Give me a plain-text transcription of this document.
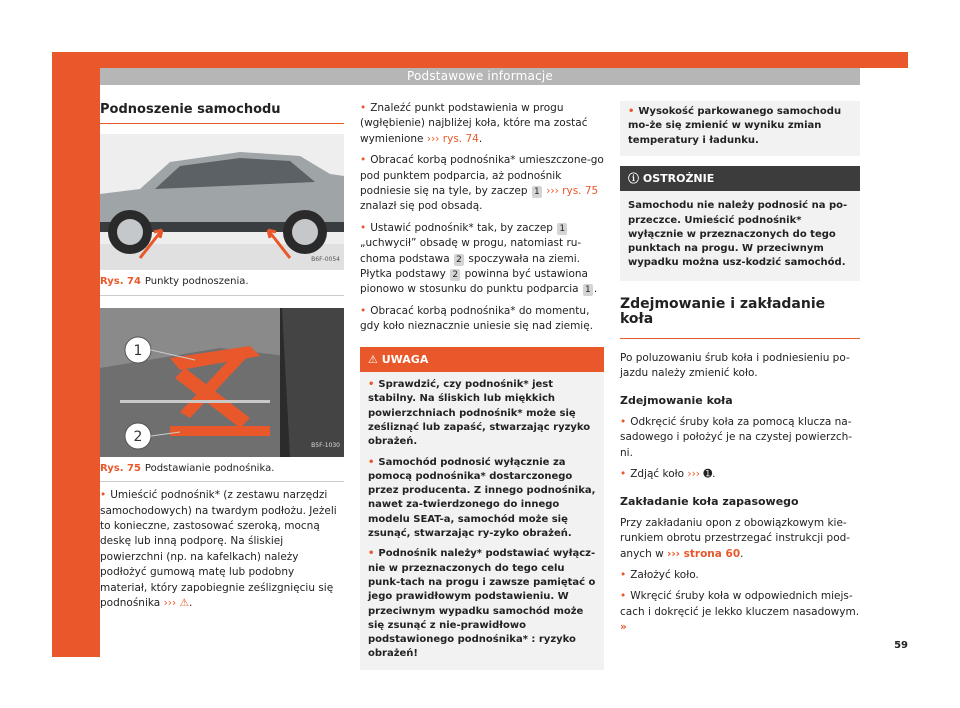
Podstawowe informacje
Podnoszenie samochodu
B6F-0054
Rys. 74 Punkty podnoszenia.
1
2
B5F-1030
Rys. 75 Podstawianie podnośnika.

• Umieścić podnośnik* (z zestawu narzędzi samochodowych) na twardym podłożu. Jeżeli to konieczne, zastosować szeroką, mocną deskę lub inną podporę. Na śliskiej powierzchni (np. na kafelkach) należy podłożyć gumową matę lub podobny materiał, który zapobiegnie ześlizgnięciu się podnośnika ››› ⚠.

• Znaleźć punkt podstawienia w progu (wgłębienie) najbliżej koła, które ma zostać wymienione ››› rys. 74.

• Obracać korbą podnośnika* umieszczone-go pod punktem podparcia, aż podnośnik podniesie się na tyle, by zaczep 1 ››› rys. 75 znalazł się pod obsadą.

• Ustawić podnośnik* tak, by zaczep 1 „uchwycił” obsadę w progu, natomiast ru-choma podstawa 2 spoczywała na ziemi. Płytka podstawy 2 powinna być ustawiona pionowo w stosunku do punktu podparcia 1 .

• Obracać korbą podnośnika* do momentu, gdy koło nieznacznie uniesie się nad ziemię.

⚠ UWAGA

• Sprawdzić, czy podnośnik* jest stabilny. Na śliskich lub miękkich powierzchniach podnośnik* może się ześliznąć lub zapaść, stwarzając ryzyko obrażeń.

• Samochód podnosić wyłącznie za pomocą podnośnika* dostarczonego przez producenta. Z innego podnośnika, nawet za-twierdzonego do innego modelu SEAT-a, samochód może się zsunąć, stwarzając ry-zyko obrażeń.

• Podnośnik należy* podstawiać wyłącz-nie w przeznaczonych do tego celu punk-tach na progu i zawsze pamiętać o jego prawidłowym podstawieniu. W przeciwnym wypadku samochód może się zsunąć z nie-prawidłowo podstawionego podnośnika* : ryzyko obrażeń!

• Wysokość parkowanego samochodu mo-że się zmienić w wyniku zmian temperatury i ładunku.

ⓘ OSTROŻNIE
Samochodu nie należy podnosić na po-przeczce. Umieścić podnośnik* wyłącznie w przeznaczonych do tego punktach na progu. W przeciwnym wypadku można usz-kodzić samochód.
Zdejmowanie i zakładanie koła

Po poluzowaniu śrub koła i podniesieniu po-jazdu należy zmienić koło.

Zdejmowanie koła

• Odkręcić śruby koła za pomocą klucza na-sadowego i położyć je na czystej powierzch-ni.

• Zdjąć koło ››› ➊.

Zakładanie koła zapasowego

Przy zakładaniu opon z obowiązkowym kie-runkiem obrotu przestrzegać instrukcji pod-anych w ››› strona 60.

• Założyć koło.

• Wkręcić śruby koła w odpowiednich miejs-cach i dokręcić je lekko kluczem nasadowym. »

59
